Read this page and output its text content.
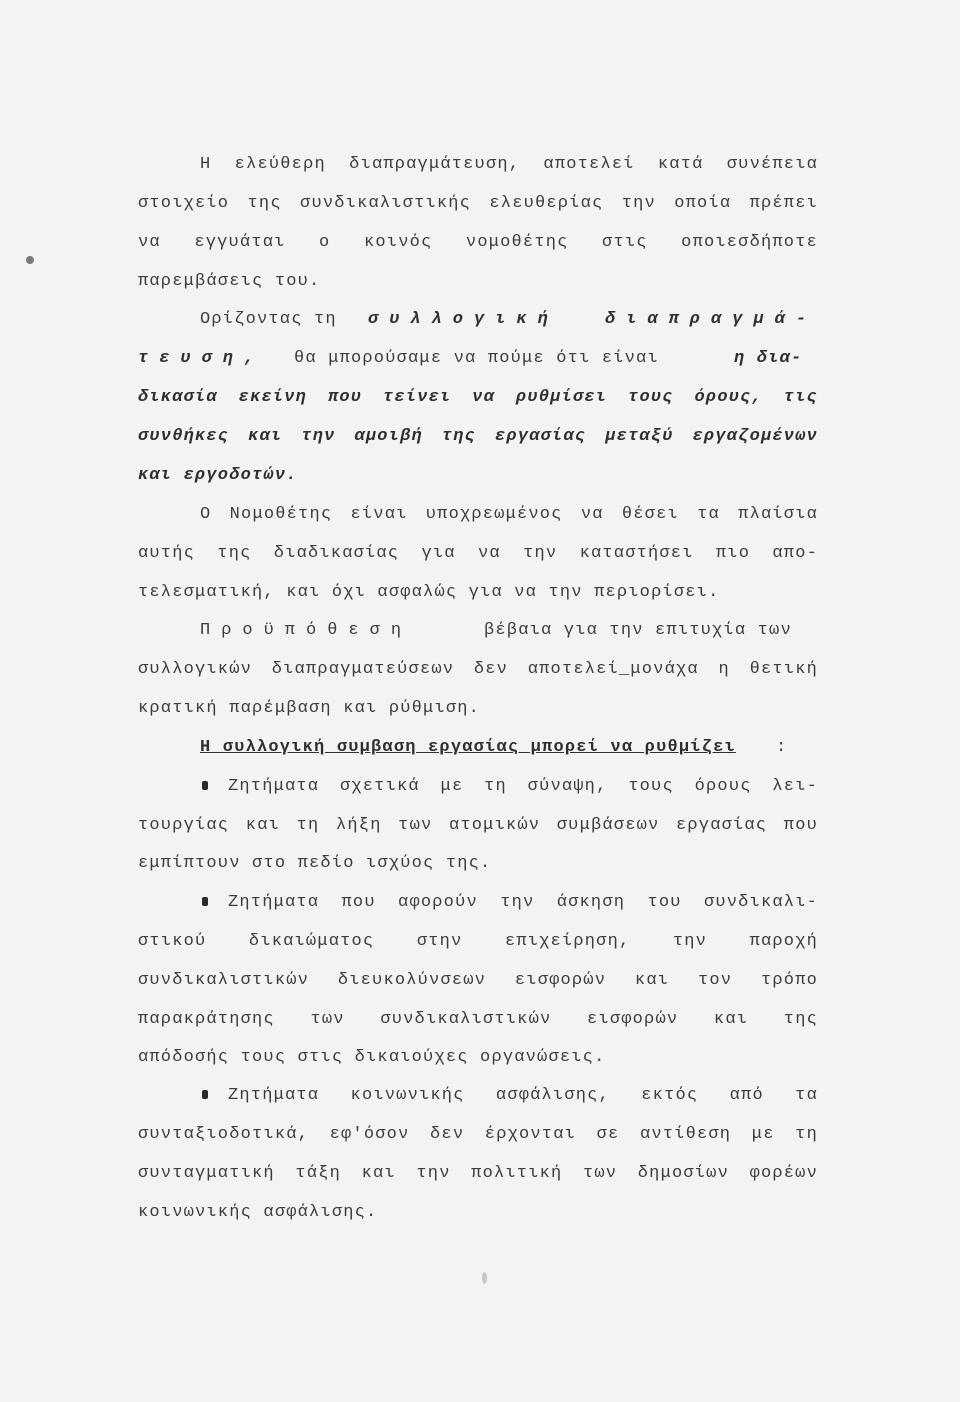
Η ελεύθερη διαπραγμάτευση, αποτελεί κατά συνέπεια
στοιχείο της συνδικαλιστικής ελευθερίας την οποία πρέπει
να εγγυάται ο κοινός νομοθέτης στις οποιεσδήποτε
παρεμβάσεις του.
Ορίζοντας τη συλλογική	διαπραγμά-
τευση, θα μπορούσαμε να πούμε ότι είναι	η δια-
δικασία εκείνη που τείνει να ρυθμίσει τους όρους, τις
συνθήκες και την αμοιβή της εργασίας μεταξύ εργαζομένων
και εργοδοτών.
Ο Νομοθέτης είναι υποχρεωμένος να θέσει τα πλαίσια
αυτής της διαδικασίας για να την καταστήσει πιο απο-
τελεσματική, και όχι ασφαλώς για να την περιορίσει.
Προϋπόθεση	βέβαια για την επιτυχία των
συλλογικών διαπραγματεύσεων δεν αποτελεί_μονάχα η θετική
κρατική παρέμβαση και ρύθμιση.
Η συλλογική συμβαση εργασίας μπορεί να ρυθμίζει :
Ζητήματα σχετικά με τη σύναψη, τους όρους λει-
τουργίας και τη λήξη των ατομικών συμβάσεων εργασίας που
εμπίπτουν στο πεδίο ισχύος της.
Ζητήματα που αφορούν την άσκηση του συνδικαλι-
στικού δικαιώματος στην επιχείρηση, την παροχή
συνδικαλιστικών διευκολύνσεων εισφορών και τον τρόπο
παρακράτησης των συνδικαλιστικών εισφορών και της
απόδοσής τους στις δικαιούχες οργανώσεις.
Ζητήματα κοινωνικής ασφάλισης, εκτός από τα
συνταξιοδοτικά, εφ'όσον δεν έρχονται σε αντίθεση με τη
συνταγματική τάξη και την πολιτική των δημοσίων φορέων
κοινωνικής ασφάλισης.
